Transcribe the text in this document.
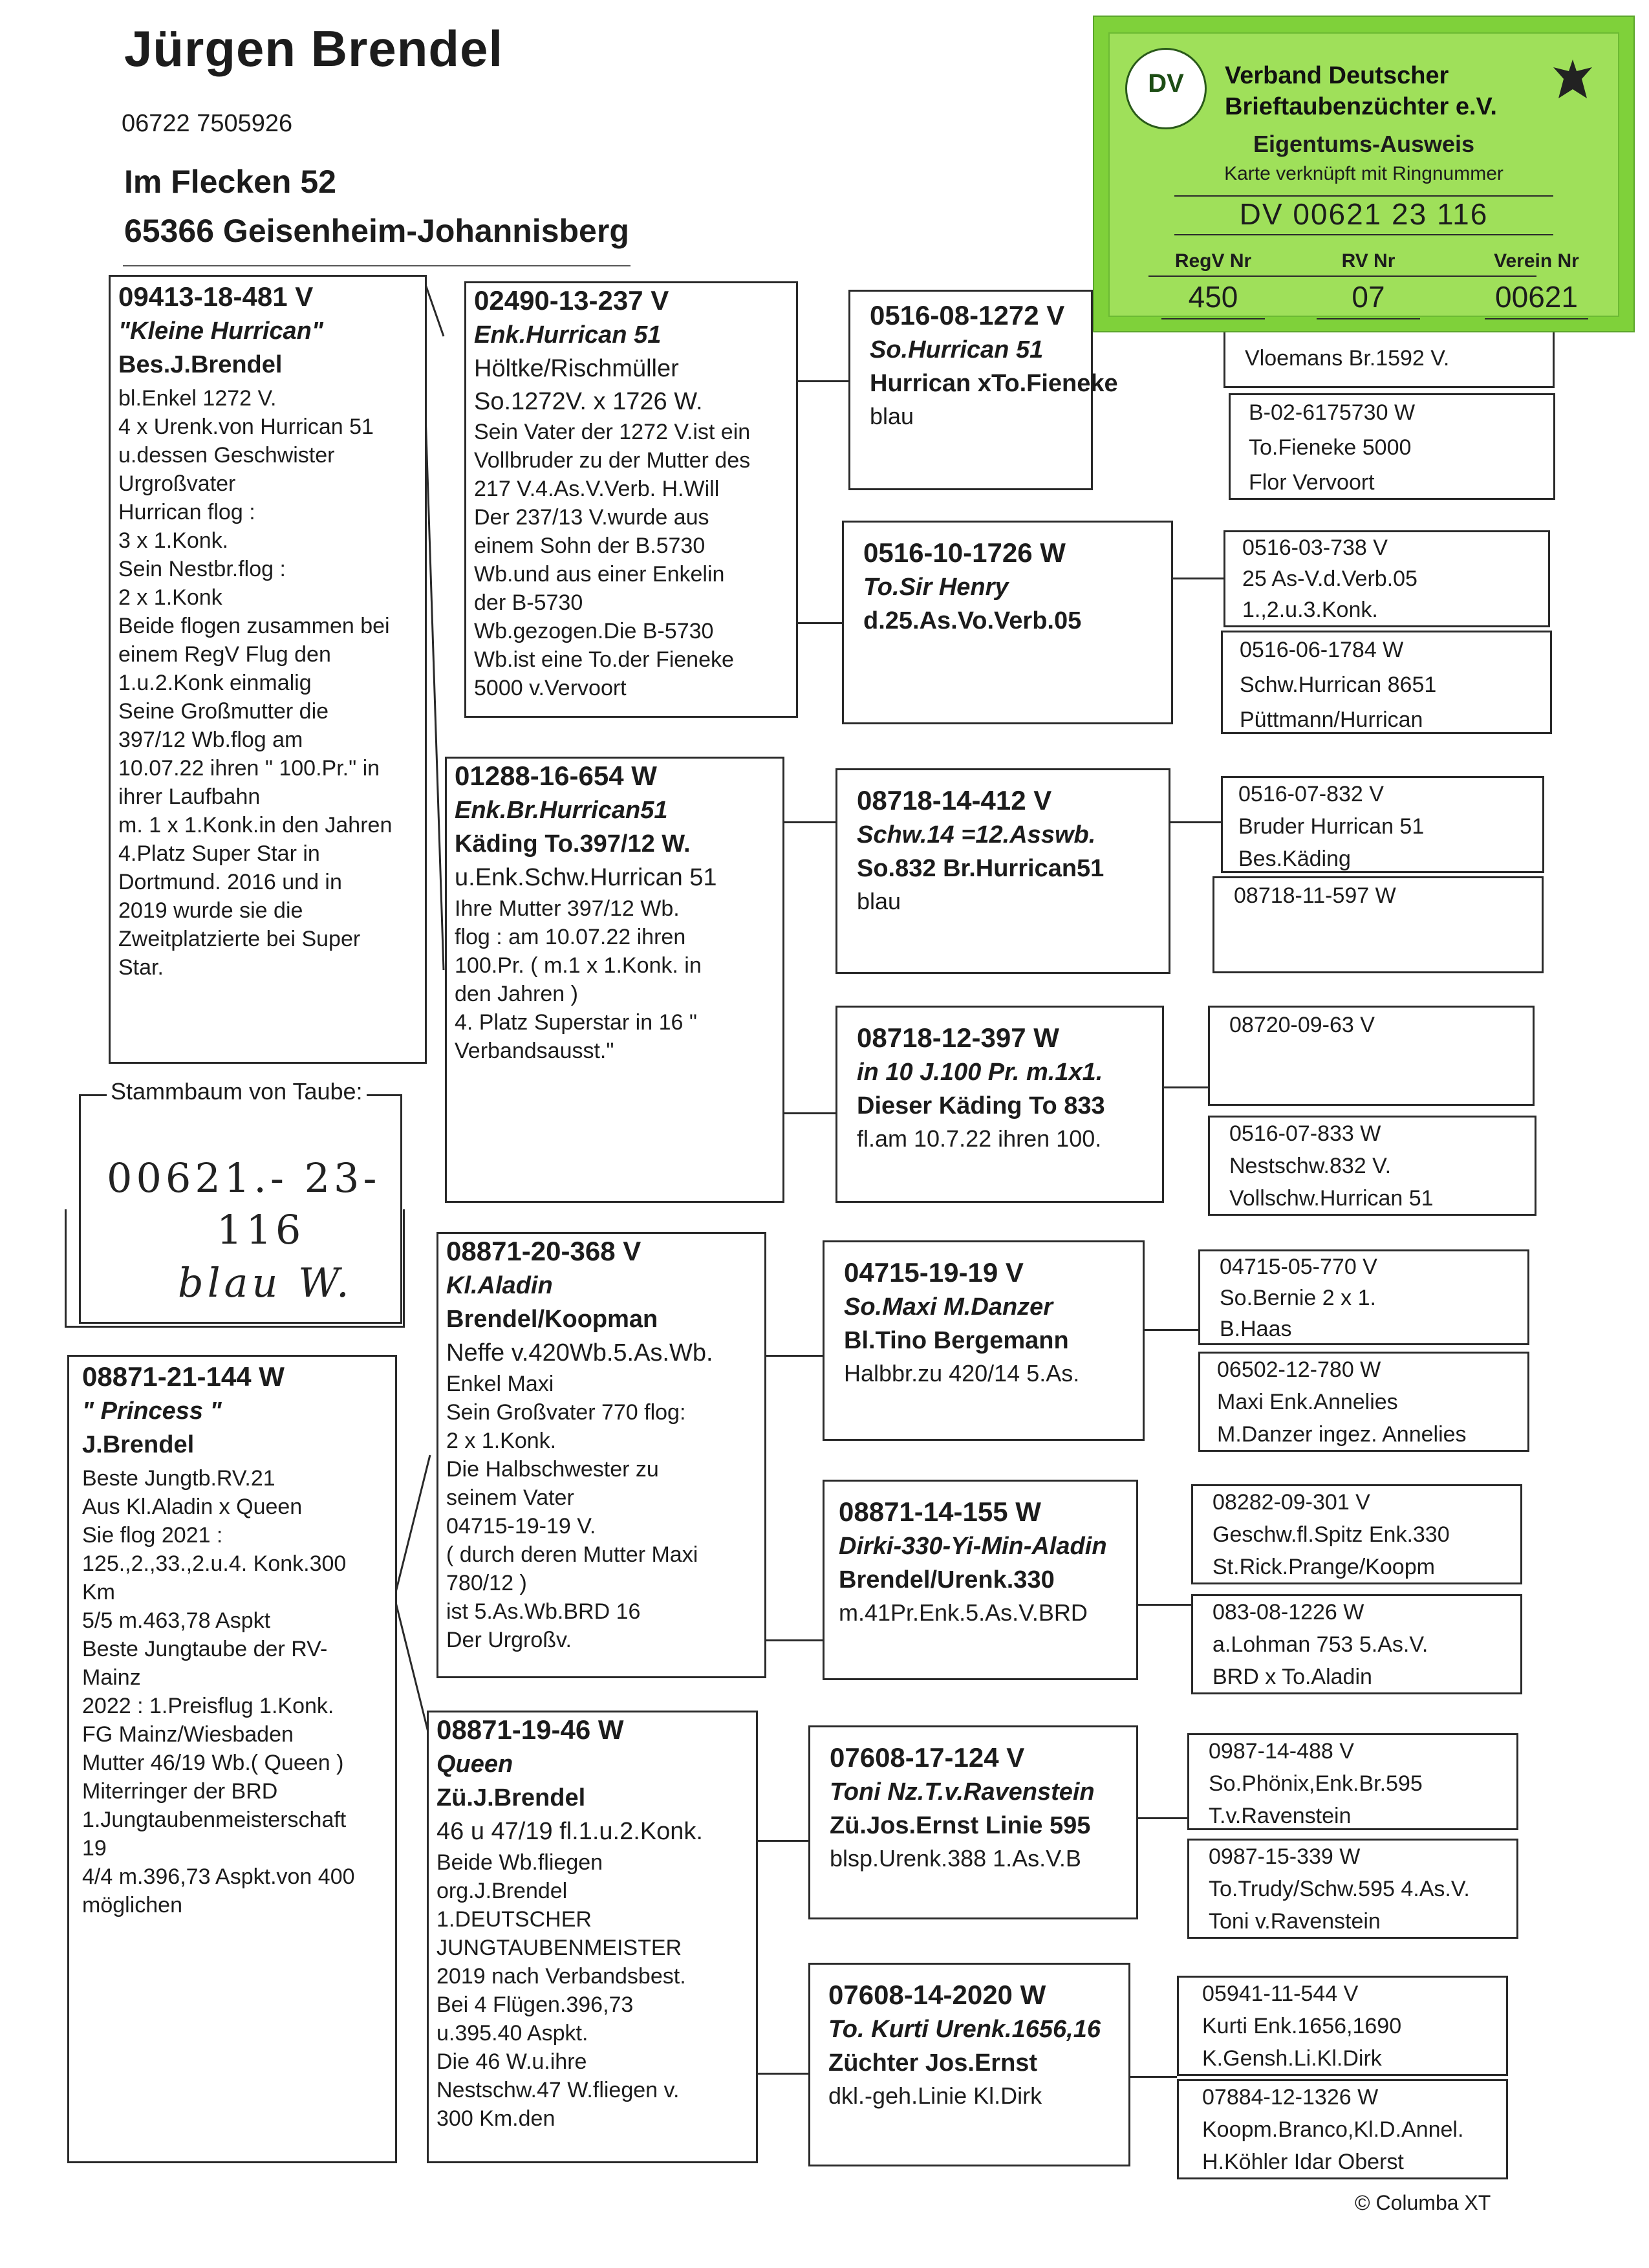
Jürgen Brendel
06722 7505926
Im Flecken 52
65366 Geisenheim-Johannisberg
09413-18-481 V
"Kleine Hurrican"
Bes.J.Brendel
bl.Enkel 1272 V.
4 x Urenk.von Hurrican 51
u.dessen Geschwister
Urgroßvater
Hurrican flog :
3 x 1.Konk.
Sein Nestbr.flog :
2 x 1.Konk
Beide flogen zusammen bei
einem RegV Flug den
1.u.2.Konk einmalig
Seine Großmutter die
397/12 Wb.flog am
10.07.22 ihren " 100.Pr." in
ihrer Laufbahn
m. 1 x 1.Konk.in den Jahren
4.Platz Super Star in
Dortmund. 2016 und in
2019 wurde sie die
Zweitplatzierte bei Super
Star.
Stammbaum von Taube:
00621.- 23-
116
blau W.
08871-21-144 W
" Princess "
J.Brendel
Beste Jungtb.RV.21
Aus Kl.Aladin x Queen
Sie flog 2021 :
125.,2.,33.,2.u.4. Konk.300
Km
5/5 m.463,78 Aspkt
Beste Jungtaube der RV-
Mainz
2022 : 1.Preisflug 1.Konk.
FG Mainz/Wiesbaden
Mutter 46/19 Wb.( Queen )
Miterringer der BRD
1.Jungtaubenmeisterschaft
19
4/4 m.396,73 Aspkt.von 400
möglichen
02490-13-237 V
Enk.Hurrican 51
Höltke/Rischmüller
So.1272V. x 1726 W.
Sein Vater der 1272 V.ist ein
Vollbruder zu der Mutter des
217 V.4.As.V.Verb. H.Will
Der 237/13 V.wurde aus
einem Sohn der B.5730
Wb.und aus einer Enkelin
der B-5730
Wb.gezogen.Die B-5730
Wb.ist eine To.der Fieneke
5000 v.Vervoort
01288-16-654 W
Enk.Br.Hurrican51
Käding To.397/12 W.
u.Enk.Schw.Hurrican 51
Ihre Mutter 397/12 Wb.
flog : am 10.07.22 ihren
100.Pr. ( m.1 x 1.Konk. in
den Jahren )
4. Platz Superstar in 16 "
Verbandsausst."
08871-20-368 V
Kl.Aladin
Brendel/Koopman
Neffe v.420Wb.5.As.Wb.
Enkel Maxi
Sein Großvater 770 flog:
2 x 1.Konk.
Die Halbschwester zu
seinem Vater
04715-19-19 V.
( durch deren Mutter Maxi
780/12 )
ist 5.As.Wb.BRD 16
Der Urgroßv.
08871-19-46 W
Queen
Zü.J.Brendel
46 u 47/19 fl.1.u.2.Konk.
Beide Wb.fliegen
org.J.Brendel
1.DEUTSCHER
JUNGTAUBENMEISTER
2019 nach Verbandsbest.
Bei 4 Flügen.396,73
u.395.40 Aspkt.
Die 46 W.u.ihre
Nestschw.47 W.fliegen v.
300 Km.den
0516-08-1272 V
So.Hurrican 51
Hurrican xTo.Fieneke
blau
0516-10-1726 W
To.Sir Henry
d.25.As.Vo.Verb.05
08718-14-412 V
Schw.14 =12.Asswb.
So.832 Br.Hurrican51
blau
08718-12-397 W
in 10 J.100 Pr. m.1x1.
Dieser Käding To 833
fl.am 10.7.22 ihren 100.
04715-19-19 V
So.Maxi M.Danzer
Bl.Tino Bergemann
Halbbr.zu 420/14 5.As.
08871-14-155 W
Dirki-330-Yi-Min-Aladin
Brendel/Urenk.330
m.41Pr.Enk.5.As.V.BRD
07608-17-124 V
Toni Nz.T.v.Ravenstein
Zü.Jos.Ernst Linie 595
blsp.Urenk.388 1.As.V.B
07608-14-2020 W
To. Kurti Urenk.1656,16
Züchter Jos.Ernst
dkl.-geh.Linie Kl.Dirk
Vloemans Br.1592 V.
B-02-6175730 W
To.Fieneke 5000
Flor Vervoort
0516-03-738 V
25 As-V.d.Verb.05
1.,2.u.3.Konk.
0516-06-1784 W
Schw.Hurrican 8651
Püttmann/Hurrican
0516-07-832 V
Bruder Hurrican 51
Bes.Käding
08718-11-597 W
08720-09-63 V
0516-07-833 W
Nestschw.832 V.
Vollschw.Hurrican 51
04715-05-770 V
So.Bernie 2 x 1.
B.Haas
06502-12-780 W
Maxi Enk.Annelies
M.Danzer ingez. Annelies
08282-09-301 V
Geschw.fl.Spitz Enk.330
St.Rick.Prange/Koopm
083-08-1226 W
a.Lohman 753 5.As.V.
BRD x To.Aladin
0987-14-488 V
So.Phönix,Enk.Br.595
T.v.Ravenstein
0987-15-339 W
To.Trudy/Schw.595 4.As.V.
Toni v.Ravenstein
05941-11-544 V
Kurti Enk.1656,1690
K.Gensh.Li.Kl.Dirk
07884-12-1326 W
Koopm.Branco,Kl.D.Annel.
H.Köhler Idar Oberst
DV	Verband Deutscher
Brieftaubenzüchter e.V.
Eigentums-Ausweis
Karte verknüpft mit Ringnummer
DV 00621 23 116
RegV Nr	RV Nr	Verein Nr
450	07	00621
© Columba XT
